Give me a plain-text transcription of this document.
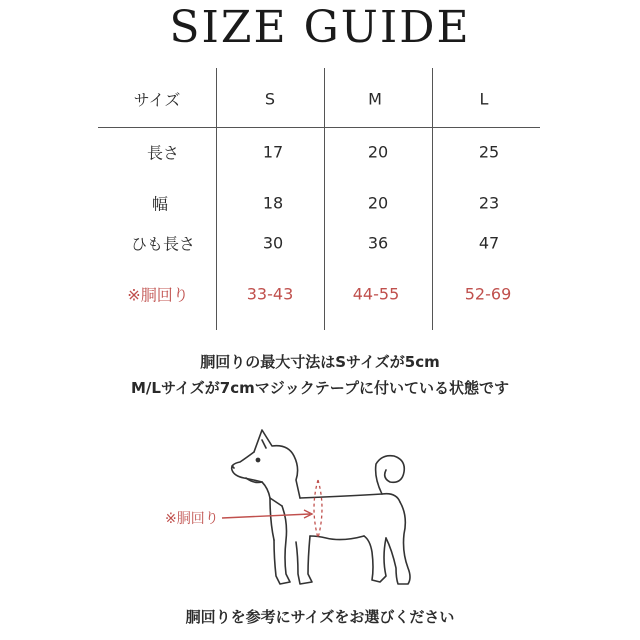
SIZE GUIDE
サイズ	S	M	L
長さ	17	20	25
幅	18	20	23
ひも長さ	30	36	47
※胴回り	33-43	44-55	52-69
胴回りの最大寸法はSサイズが5cm
M/Lサイズが7cmマジックテープに付いている状態です
※胴回り
胴回りを参考にサイズをお選びください
